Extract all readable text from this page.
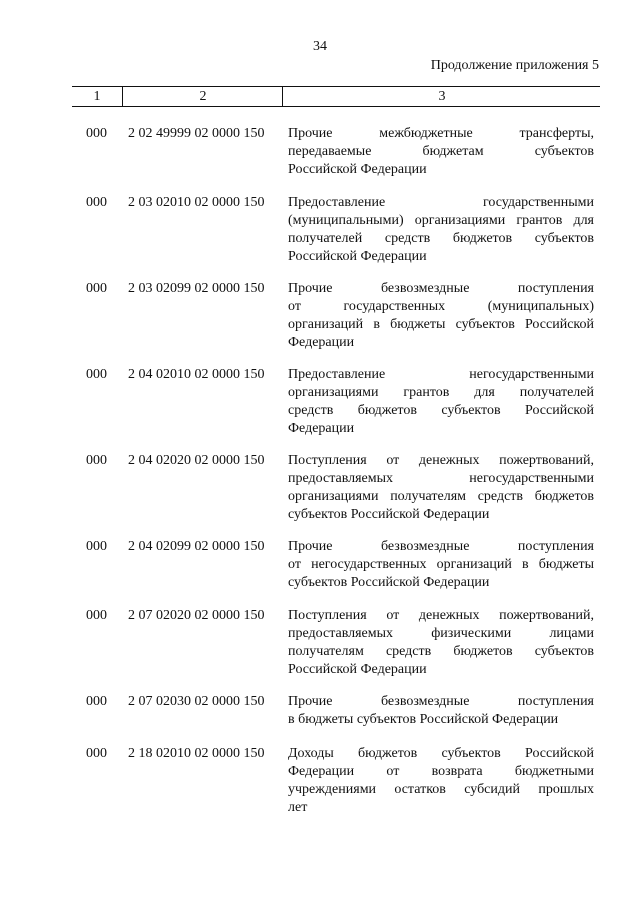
34
Продолжение приложения 5
1	2	3
000	2 02 49999 02 0000 150	Прочие межбюджетные трансферты,
передаваемые бюджетам субъектов
Российской Федерации
000	2 03 02010 02 0000 150	Предоставление государственными
(муниципальными) организациями грантов для
получателей средств бюджетов субъектов
Российской Федерации
000	2 03 02099 02 0000 150	Прочие безвозмездные поступления
от государственных (муниципальных)
организаций в бюджеты субъектов Российской
Федерации
000	2 04 02010 02 0000 150	Предоставление негосударственными
организациями грантов для получателей
средств бюджетов субъектов Российской
Федерации
000	2 04 02020 02 0000 150	Поступления от денежных пожертвований,
предоставляемых негосударственными
организациями получателям средств бюджетов
субъектов Российской Федерации
000	2 04 02099 02 0000 150	Прочие безвозмездные поступления
от негосударственных организаций в бюджеты
субъектов Российской Федерации
000	2 07 02020 02 0000 150	Поступления от денежных пожертвований,
предоставляемых физическими лицами
получателям средств бюджетов субъектов
Российской Федерации
000	2 07 02030 02 0000 150	Прочие безвозмездные поступления
в бюджеты субъектов Российской Федерации
000	2 18 02010 02 0000 150	Доходы бюджетов субъектов Российской
Федерации от возврата бюджетными
учреждениями остатков субсидий прошлых
лет
